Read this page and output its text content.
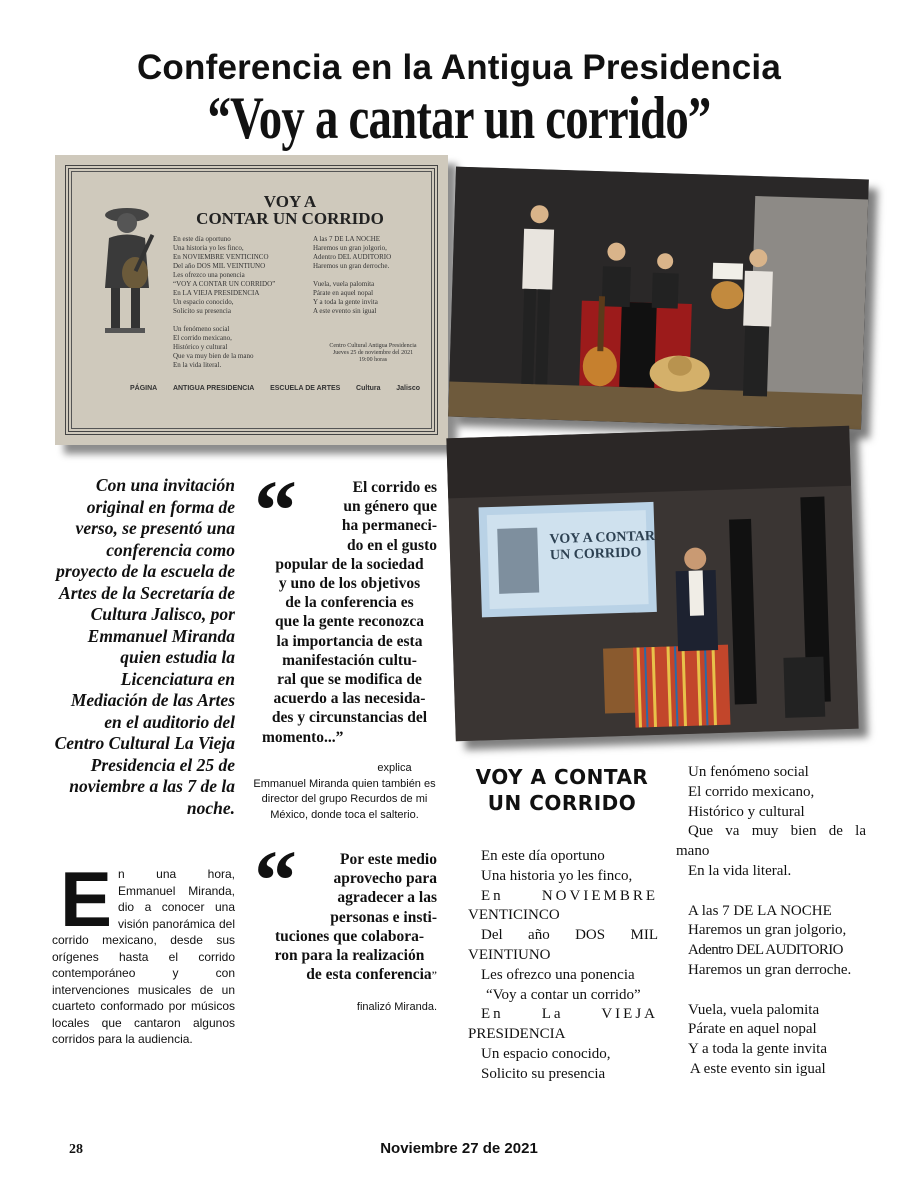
Conferencia en la Antigua Presidencia
“Voy a cantar un corrido”
VOY A
CONTAR UN CORRIDO
En este día oportuno
Una historia yo les finco,
En NOVIEMBRE VENTICINCO
Del año DOS MIL VEINTIUNO
Les ofrezco una ponencia
“VOY A CONTAR UN CORRIDO”
En LA VIEJA PRESIDENCIA
Un espacio conocido,
Solicito su presencia

Un fenómeno social
El corrido mexicano,
Histórico y cultural
Que va muy bien de la mano
En la vida literal.
A las 7 DE LA NOCHE
Haremos un gran jolgorio,
Adentro DEL AUDITORIO
Haremos un gran derroche.

Vuela, vuela palomita
Párate en aquel nopal
Y a toda la gente invita
A este evento sin igual
Centro Cultural Antigua Presidencia
Jueves 25 de noviembre del 2021
19:00 horas
PÁGINA ANTIGUA PRESIDENCIA ESCUELA DE ARTES Cultura Jalisco
VOY A CONTAR
UN CORRIDO
Con una invitación original en forma de verso, se presentó una conferencia como proyecto de la escuela de Artes de la Secretaría de Cultura Jalisco, por Emmanuel Miranda quien estudia la Licenciatura en Mediación de las Artes en el auditorio del Centro Cultural La Vieja Presidencia el 25 de noviembre a las 7 de la noche.
En una hora, Emmanuel Miranda, dio a conocer una visión panorámica del corrido mexicano, desde sus orígenes hasta el corrido contemporáneo y con intervenciones musicales de un cuarteto conformado por músicos locales que cantaron algunos corridos para la audiencia.
“	El corrido es
un género que
ha permaneci-
do en el gusto
popular de la sociedad
y uno de los objetivos
de la conferencia es
que la gente reconozca
la importancia de esta
manifestación cultu-
ral que se modifica de
acuerdo a las necesida-
des y circunstancias del
momento...”
explica Emmanuel Miranda quien también es director del grupo Recurdos de mi México, donde toca el salterio.
“	Por este medio
aprovecho para
agradecer a las
personas e insti-
tuciones que colabora-
ron para la realización
de esta conferencia”
finalizó Miranda.
VOY A CONTAR
UN CORRIDO
En este día oportuno
Una historia yo les finco,
En NOVIEMBRE
VENTICINCO
Del año DOS MIL
VEINTIUNO
Les ofrezco una ponencia
“Voy a contar un corrido”
En La VIEJA
PRESIDENCIA
Un espacio conocido,
Solicito su presencia
Un fenómeno social
El corrido mexicano,
Histórico y cultural
Que va muy bien de la
mano
En la vida literal.
A las 7 DE LA NOCHE
Haremos un gran jolgorio,
Adentro DEL AUDITORIO
Haremos un gran derroche.
Vuela, vuela palomita
Párate en aquel nopal
Y a toda la gente invita
A este evento sin igual
28	Noviembre 27 de 2021
